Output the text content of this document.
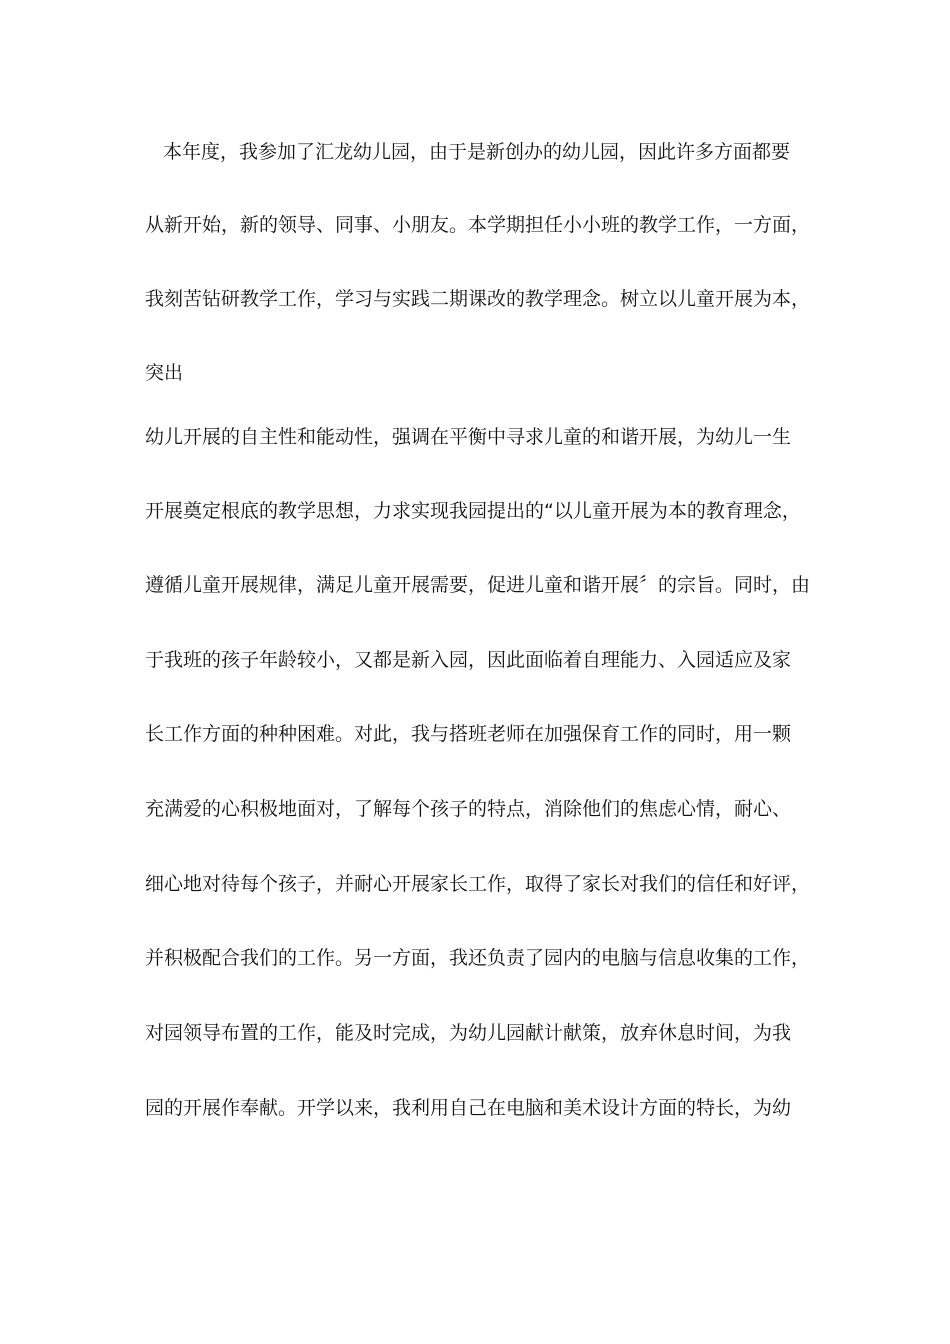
本年度，我参加了汇龙幼儿园，由于是新创办的幼儿园，因此许多方面都要
从新开始，新的领导、同事、小朋友。本学期担任小小班的教学工作，一方面，
我刻苦钻研教学工作，学习与实践二期课改的教学理念。树立以儿童开展为本，
突出
幼儿开展的自主性和能动性，强调在平衡中寻求儿童的和谐开展，为幼儿一生
开展奠定根底的教学思想，力求实现我园提出的“以儿童开展为本的教育理念，
遵循儿童开展规律，满足儿童开展需要，促进儿童和谐开展〞的宗旨。同时，由
于我班的孩子年龄较小，又都是新入园，因此面临着自理能力、入园适应及家
长工作方面的种种困难。对此，我与搭班老师在加强保育工作的同时，用一颗
充满爱的心积极地面对，了解每个孩子的特点，消除他们的焦虑心情，耐心、
细心地对待每个孩子，并耐心开展家长工作，取得了家长对我们的信任和好评，
并积极配合我们的工作。另一方面，我还负责了园内的电脑与信息收集的工作，
对园领导布置的工作，能及时完成，为幼儿园献计献策，放弃休息时间，为我
园的开展作奉献。开学以来，我利用自己在电脑和美术设计方面的特长，为幼
